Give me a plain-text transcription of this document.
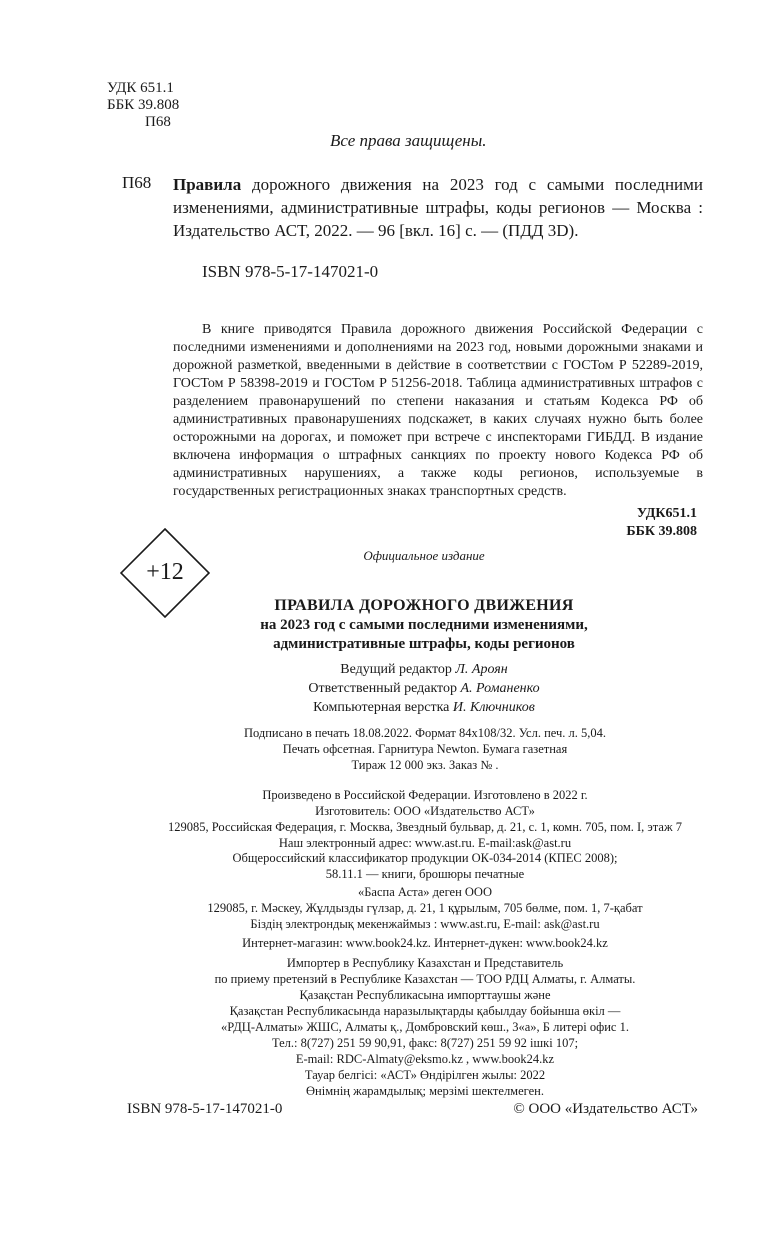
УДК 651.1
ББК 39.808
П68
Все права защищены.
П68 Правила дорожного движения на 2023 год с самыми последними изменениями, административные штрафы, коды регионов — Москва : Издательство АСТ, 2022. — 96 [вкл. 16] с. — (ПДД 3D).
ISBN 978-5-17-147021-0

В книге приводятся Правила дорожного движения Российской Федерации с последними изменениями и дополнениями на 2023 год, новыми дорожными знаками и дорожной разметкой, введенными в действие в соответствии с ГОСТом Р 52289-2019, ГОСТом Р 58398-2019 и ГОСТом Р 51256-2018. Таблица административных штрафов с разделением правонарушений по степени наказания и статьям Кодекса РФ об административных правонарушениях подскажет, в каких случаях нужно быть более осторожными на дорогах, и поможет при встрече с инспекторами ГИБДД. В издание включена информация о штрафных санкциях по проекту нового Кодекса РФ об административных нарушениях, а также коды регионов, используемые в государственных регистрационных знаках транспортных средств.

УДК651.1
ББК 39.808
+12
Официальное издание
ПРАВИЛА ДОРОЖНОГО ДВИЖЕНИЯ
на 2023 год с самыми последними изменениями,
административные штрафы, коды регионов
Ведущий редактор Л. Ароян
Ответственный редактор А. Романенко
Компьютерная верстка И. Ключников
Подписано в печать 18.08.2022. Формат 84x108/32. Усл. печ. л. 5,04.
Печать офсетная. Гарнитура Newton. Бумага газетная
Тираж 12 000 экз. Заказ № .
Произведено в Российской Федерации. Изготовлено в 2022 г.
Изготовитель: ООО «Издательство АСТ»
129085, Российская Федерация, г. Москва, Звездный бульвар, д. 21, с. 1, комн. 705, пом. I, этаж 7
Наш электронный адрес: www.ast.ru. E-mail:ask@ast.ru
Общероссийский классификатор продукции ОК-034-2014 (КПЕС 2008);
58.11.1 — книги, брошюры печатные
«Баспа Аста» деген ООО
129085, г. Мәскеу, Жұлдызды гүлзар, д. 21, 1 құрылым, 705 бөлме, пом. 1, 7-қабат
Біздің электрондық мекенжаймыз : www.ast.ru, E-mail: ask@ast.ru
Интернет-магазин: www.book24.kz. Интернет-дүкен: www.book24.kz
Импортер в Республику Казахстан и Представитель
по приему претензий в Республике Казахстан — ТОО РДЦ Алматы, г. Алматы.
Қазақстан Республикасына импорттаушы және
Қазақстан Республикасында наразылықтарды қабылдау бойынша өкіл —
«РДЦ-Алматы» ЖШС, Алматы қ., Домбровский көш., 3«а», Б литері офис 1.
Тел.: 8(727) 251 59 90,91, факс: 8(727) 251 59 92 ішкі 107;
E-mail: RDC-Almaty@eksmo.kz , www.book24.kz
Тауар белгісі: «АСТ» Өндірілген жылы: 2022
Өнімнің жарамдылық; мерзімі шектелмеген.
ISBN 978-5-17-147021-0	© ООО «Издательство АСТ»
